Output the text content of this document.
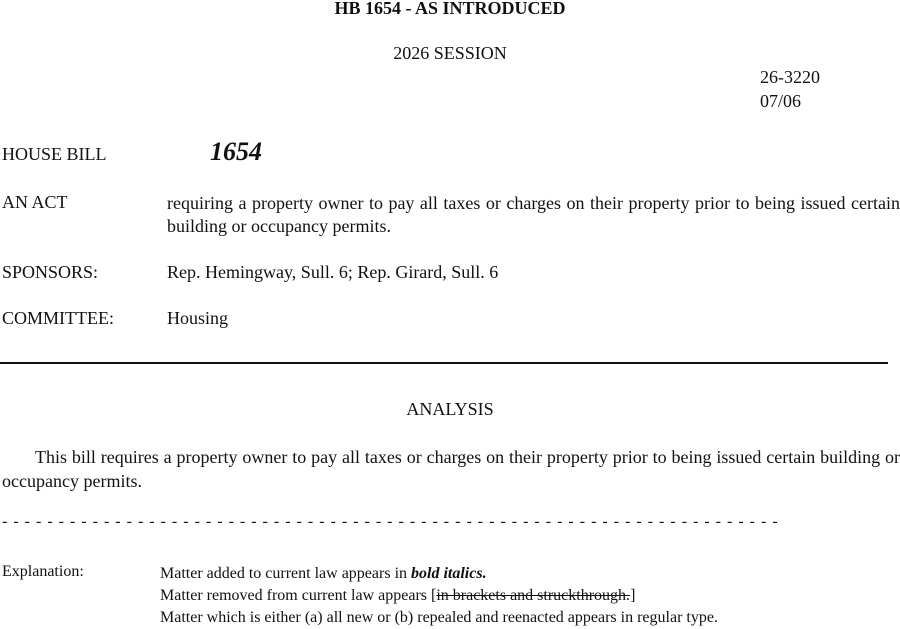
HB 1654 - AS INTRODUCED
2026 SESSION
26-3220
07/06
HOUSE BILL	1654
AN ACT	requiring a property owner to pay all taxes or charges on their property prior to being issued certain building or occupancy permits.
SPONSORS:	Rep. Hemingway, Sull. 6; Rep. Girard, Sull. 6
COMMITTEE:	Housing
ANALYSIS
This bill requires a property owner to pay all taxes or charges on their property prior to being issued certain building or occupancy permits.
- - - - - - - - - - - - - - - - - - - - - - - - - - - - - - - - - - - - - - - - - - - - - - - - - - - - - - - - - - - - - - - - - - - - -
Explanation:	Matter added to current law appears in bold italics.
Matter removed from current law appears [in brackets and struckthrough.]
Matter which is either (a) all new or (b) repealed and reenacted appears in regular type.
